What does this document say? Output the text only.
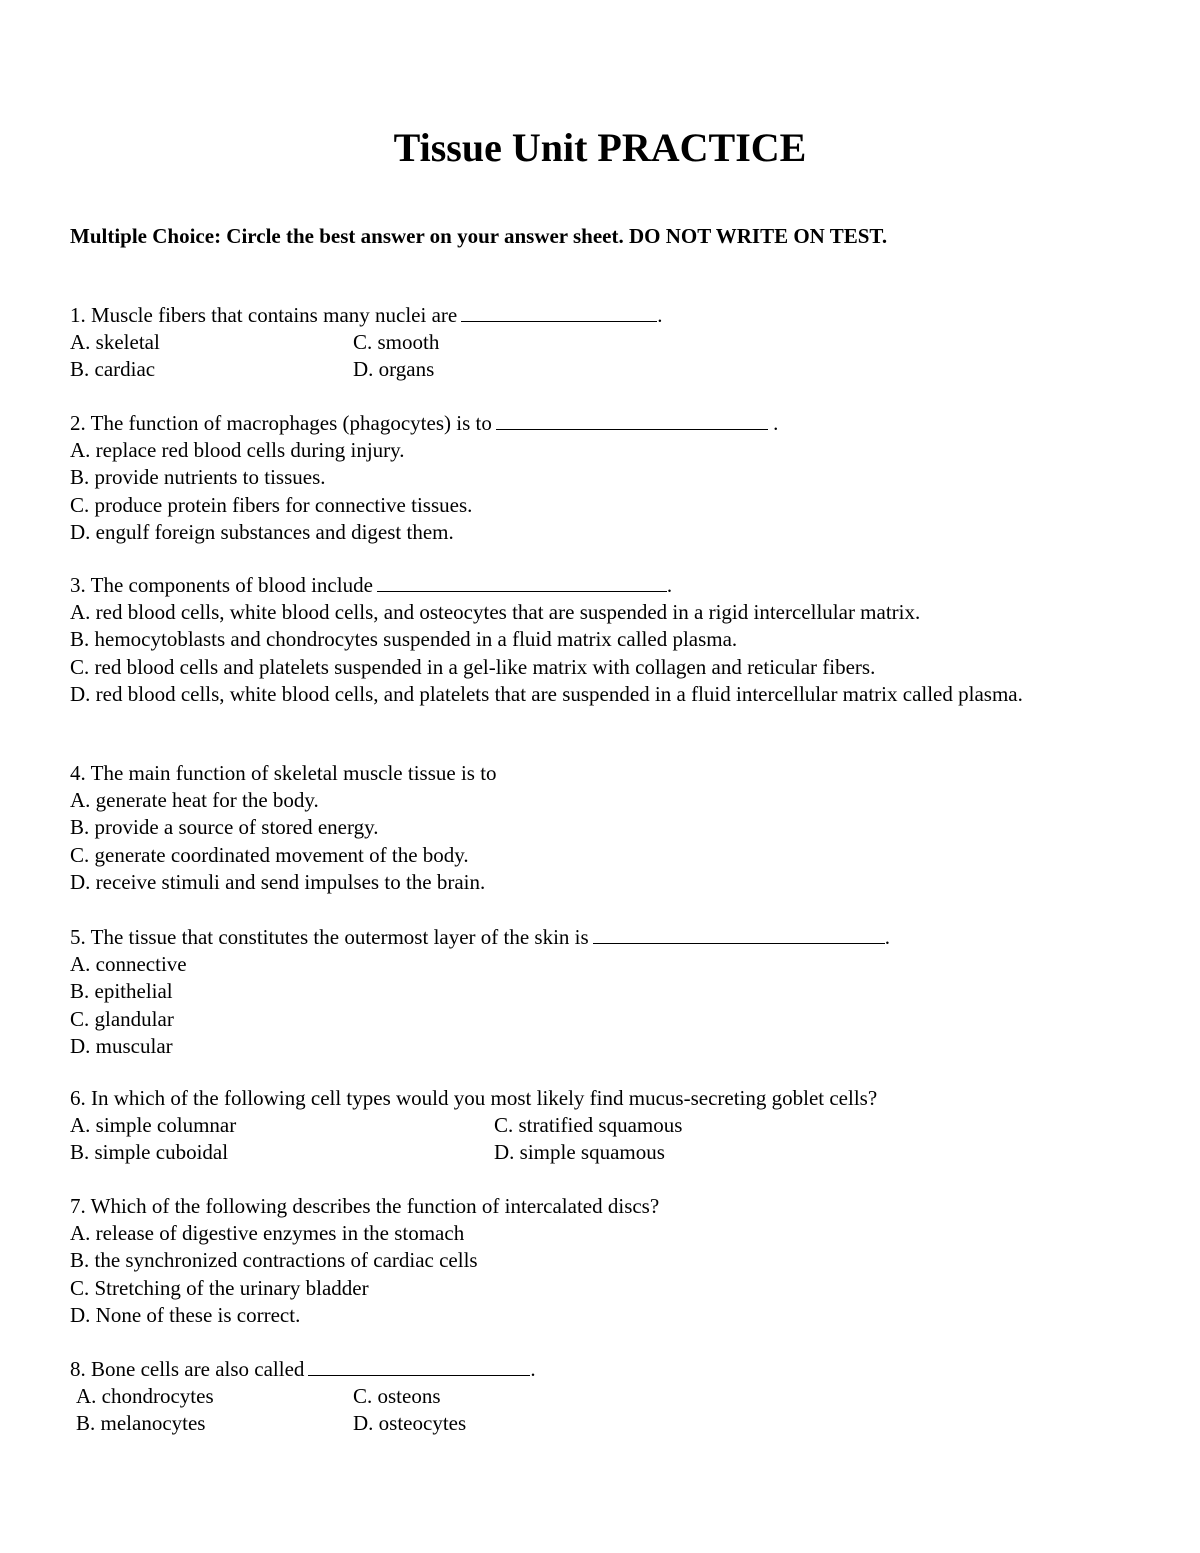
Tissue Unit PRACTICE
Multiple Choice: Circle the best answer on your answer sheet. DO NOT WRITE ON TEST.
1. Muscle fibers that contains many nuclei are	.
A. skeletal	C. smooth
B. cardiac	D. organs
2. The function of macrophages (phagocytes) is to	.
A. replace red blood cells during injury.
B. provide nutrients to tissues.
C. produce protein fibers for connective tissues.
D. engulf foreign substances and digest them.
3. The components of blood include	.
A. red blood cells, white blood cells, and osteocytes that are suspended in a rigid intercellular matrix.
B. hemocytoblasts and chondrocytes suspended in a fluid matrix called plasma.
C. red blood cells and platelets suspended in a gel-like matrix with collagen and reticular fibers.
D. red blood cells, white blood cells, and platelets that are suspended in a fluid intercellular matrix called plasma.
4. The main function of skeletal muscle tissue is to
A. generate heat for the body.
B. provide a source of stored energy.
C. generate coordinated movement of the body.
D. receive stimuli and send impulses to the brain.
5. The tissue that constitutes the outermost layer of the skin is	.
A. connective
B. epithelial
C. glandular
D. muscular
6. In which of the following cell types would you most likely find mucus-secreting goblet cells?
A. simple columnar	C. stratified squamous
B. simple cuboidal	D. simple squamous
7. Which of the following describes the function of intercalated discs?
A. release of digestive enzymes in the stomach
B. the synchronized contractions of cardiac cells
C. Stretching of the urinary bladder
D. None of these is correct.
8. Bone cells are also called	.
A. chondrocytes	C. osteons
B. melanocytes	D. osteocytes
